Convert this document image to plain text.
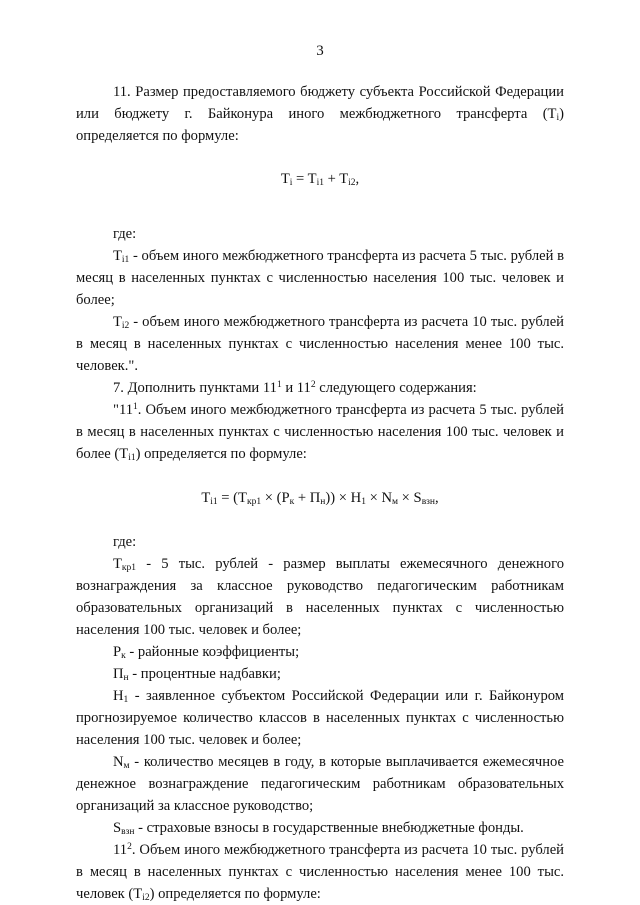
3

11. Размер предоставляемого бюджету субъекта Российской Федерации или бюджету г. Байконура иного межбюджетного трансферта $(T_i)$ определяется по формуле:

$T_i = T_{i1} + T_{i2}$,

где:

$T_{i1}$ - объем иного межбюджетного трансферта из расчета 5 тыс. рублей в месяц в населенных пунктах с численностью населения 100 тыс. человек и более;

$T_{i2}$ - объем иного межбюджетного трансферта из расчета 10 тыс. рублей в месяц в населенных пунктах с численностью населения менее 100 тыс. человек.".

7. Дополнить пунктами $11^1$ и $11^2$ следующего содержания:

"$11^1$. Объем иного межбюджетного трансферта из расчета 5 тыс. рублей в месяц в населенных пунктах с численностью населения 100 тыс. человек и более $(T_{i1})$ определяется по формуле:

$T_{i1} = (T_{кр1} \times (P_к + П_н)) \times H_1 \times N_м \times S_{взн}$,

где:

$T_{кр1} - 5$ тыс. рублей - размер выплаты ежемесячного денежного вознаграждения за классное руководство педагогическим работникам образовательных организаций в населенных пунктах с численностью населения 100 тыс. человек и более;

$P_к$ - районные коэффициенты;

$П_н$ - процентные надбавки;

$H_1$ - заявленное субъектом Российской Федерации или г. Байконуром прогнозируемое количество классов в населенных пунктах с численностью населения 100 тыс. человек и более;

$N_м$ - количество месяцев в году, в которые выплачивается ежемесячное денежное вознаграждение педагогическим работникам образовательных организаций за классное руководство;

$S_{взн}$ - страховые взносы в государственные внебюджетные фонды.

$11^2$. Объем иного межбюджетного трансферта из расчета 10 тыс. рублей в месяц в населенных пунктах с численностью населения менее 100 тыс. человек $(T_{i2})$ определяется по формуле:
